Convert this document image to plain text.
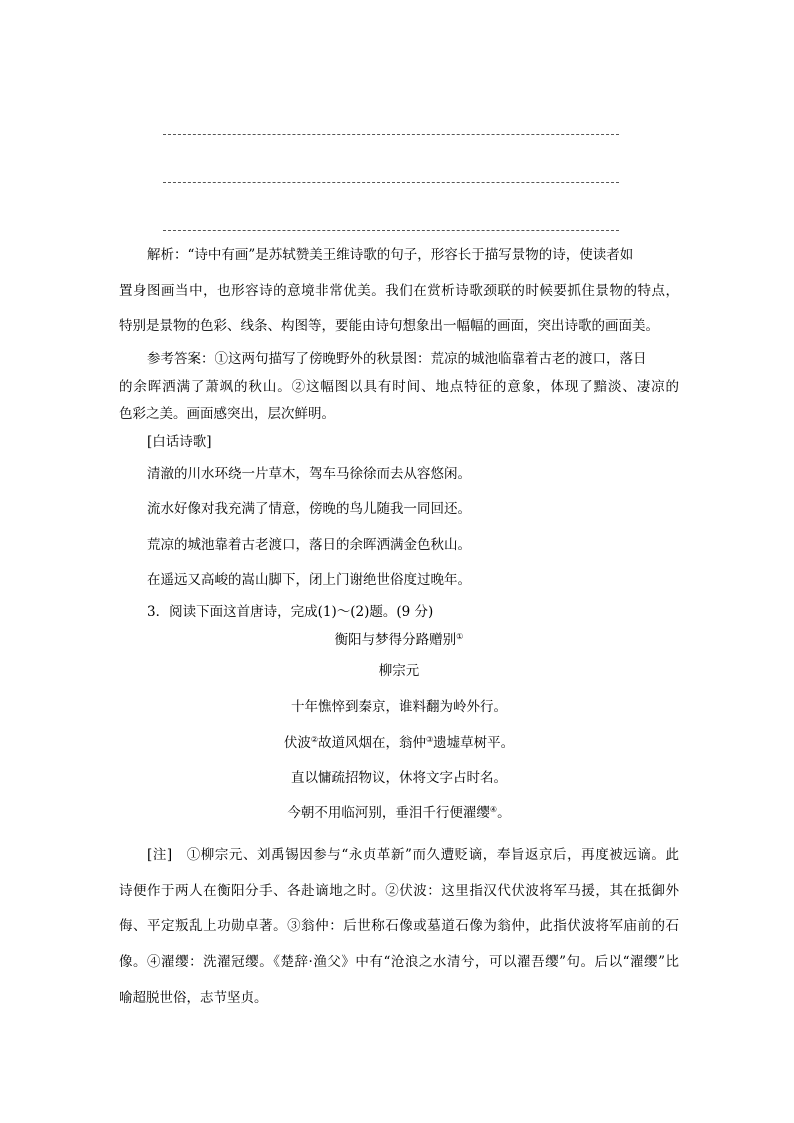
解析：“诗中有画”是苏轼赞美王维诗歌的句子，形容长于描写景物的诗，使读者如
置身图画当中，也形容诗的意境非常优美。我们在赏析诗歌颈联的时候要抓住景物的特点，
特别是景物的色彩、线条、构图等，要能由诗句想象出一幅幅的画面，突出诗歌的画面美。
参考答案：①这两句描写了傍晚野外的秋景图：荒凉的城池临靠着古老的渡口，落日
的余晖洒满了萧飒的秋山。②这幅图以具有时间、地点特征的意象，体现了黯淡、凄凉的
色彩之美。画面感突出，层次鲜明。
[白话诗歌]
清澈的川水环绕一片草木，驾车马徐徐而去从容悠闲。
流水好像对我充满了情意，傍晚的鸟儿随我一同回还。
荒凉的城池靠着古老渡口，落日的余晖洒满金色秋山。
在遥远又高峻的嵩山脚下，闭上门谢绝世俗度过晚年。
3．阅读下面这首唐诗，完成(1)～(2)题。(9 分)
衡阳与梦得分路赠别①
柳宗元
十年憔悴到秦京，谁料翻为岭外行。
伏波②故道风烟在，翁仲③遗墟草树平。
直以慵疏招物议，休将文字占时名。
今朝不用临河别，垂泪千行便濯缨④。
[注]　①柳宗元、刘禹锡因参与“永贞革新”而久遭贬谪，奉旨返京后，再度被远谪。此
诗便作于两人在衡阳分手、各赴谪地之时。②伏波：这里指汉代伏波将军马援，其在抵御外
侮、平定叛乱上功勋卓著。③翁仲：后世称石像或墓道石像为翁仲，此指伏波将军庙前的石
像。④濯缨：洗濯冠缨。《楚辞·渔父》中有“沧浪之水清兮，可以濯吾缨”句。后以“濯缨”比
喻超脱世俗，志节坚贞。
